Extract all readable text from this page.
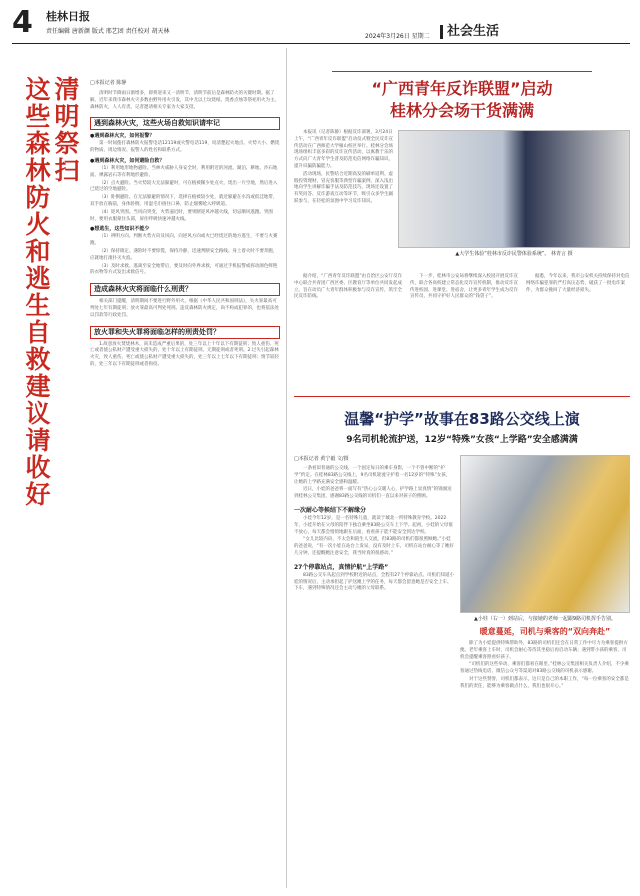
4 桂林日报
责任编辑 唐新颜 版式 邢艺团 责任校对 胡天林
2024年3月26日 星期二	社会生活
这些森林防火和逃生自救建议请收好 清明祭扫 □本报记者 陈静

清明时节降雨日渐增多，即将迎来又一清明节，清明节前后是森林防火的关键时期。据了解，近年来我市森林火灾多数由野外用火引发，其中尤以上坟烧纸、烧香点烛等祭祀用火为主。森林防火，人人有责。记者邀请相关专家为大家支招。

遇到森林火灾，这些火场自救知识请牢记
●遇到森林火灾，如何报警？

第一时间拨打森林防火报警电话12119或火警电话119，说清楚起火地点、火势大小、燃烧的物质、周边情况、报警人的姓名和联系方式。

●遇到森林火灾，如何避险自救？

（1）利用地形地物避险。当林火威胁人身安全时，利用附近的河流、湖泊、耕地、沙石地面、裸露岩石等有利地形避险。

（2）点火避险。当火势较大无法躲避时，可在植被稀少处点火，烧出一片空地，然后进入已烧过的空地避险。

（3）卧倒避险。在无法躲避的情况下，选择在植被较少处，就近躲避在水沟或低洼地带，双手放在胸前，身体卧倒，用湿毛巾捂住口鼻，防止烟雾呛入呼吸道。

（4）迎风突围。当风向突变，火势逼近时，要果断迎风冲越火线，切忌顺风逃跑。突围时，要用衣服蒙住头部，屏住呼吸快速冲越火线。

●想逃生，这些知识不能少

（1）辨明方向。判断火势方向及风向，向逆风方向或火已经烧过的地方逃生，不要与火赛跑。

（2）保持镇定。遇险时不要惊慌，保持冷静，迅速判断安全路线。身上着火时不要奔跑，应就地打滚扑灭火焰。

（3）及时求救。逃离至安全地带后，要及时向外界求救，可通过手机报警或挥动颜色鲜艳的衣物等方式发出求救信号。

造成森林火灾将面临什么刑责？

相关部门提醒，清明期间不要进行野外用火，根据《中华人民共和国刑法》，失火罪最高可判处七年有期徒刑；放火罪最高可判处死刑。违反森林防火规定，尚不构成犯罪的，也将依法处以罚款等行政处罚。

放火罪和失火罪将面临怎样的刑责处罚？

1.故意放火焚烧林木，尚未造成严重后果的，处三年以上十年以下有期徒刑；致人重伤、死亡或者使公私财产遭受重大损失的，处十年以上有期徒刑、无期徒刑或者死刑。2.过失引起森林火灾，致人重伤、死亡或使公私财产遭受重大损失的，处三年以上七年以下有期徒刑；情节较轻的，处三年以下有期徒刑或者拘役。

“广西青年反诈联盟”启动
桂林分会场干货满满

本报讯（记者陈静）根据反诈部署，3月24日上午，“广西青年反诈联盟”启动仪式暨全民反诈宣传活动在广西师范大学雁山校区举行。桂林分会场现场组织丰富多彩的反诈宣传活动，以寓教于乐的方式向广大青年学生普及防范电信网络诈骗知识，提升识骗防骗能力。

活动现场，民警结合近期高发的刷单返利、虚假投资理财、冒充客服等典型诈骗案例，深入浅出地向学生讲解诈骗手法及防范技巧。现场还设置了有奖问答、反诈游戏互动等环节，吸引众多学生踊跃参与，在轻松的氛围中学习反诈知识。

▲大学生体验“桂林市反诈民警体验系统”。 林青言 摄

据介绍，“广西青年反诈联盟”由自治区公安厅反诈中心联合共青团广西区委、区教育厅等单位共同发起成立，旨在动员广大青年群体积极参与反诈宣传，筑牢全民反诈防线。

下一步，桂林市公安局将继续深入校园开展反诈宣传，联合各高校建立常态化反诈宣传机制，推动反诈宣传进校园、进课堂、进宿舍，让更多青年学生成为反诈宣传员，共同守护好人民群众的“钱袋子”。

据悉，今年以来，我市公安机关持续保持对电信网络诈骗犯罪的严打高压态势，破获了一批电诈案件，为群众挽回了大量经济损失。

温馨“护学”故事在83路公交线上演
9名司机轮流护送，12岁“特殊”女孩“上学路”安全感满满
□本报记者 黄宁毅 文/摄

一条看似普通的公交线，一个固定每日的乘车身影，一个不曾中断的“护学”约定。在桂林83路公交线上，9名司机轮流守护着一名12岁的“特殊”女孩，让她的上学路充满安全感和温暖。

近日，小娃的爸爸将一面写有“热心公交暖人心，护学路上显真情”的锦旗送到桂林公交集团，感谢83路公交线的司机们一直以来对孩子的照顾。

一次耐心等候结下不解缘分

小娃今年12岁，是一名特殊儿童，就读于城北一所特殊教育学校。2022年，小娃开始在父母的陪伴下独自乘坐83路公交车上下学。起初，小娃的父母很不放心，每天都会悄悄地跟在后面，看看孩子能不能安全到达学校。

“女儿比较内向，不太会和陌生人交流，但83路的司机们都很照顾她。”小娃的爸爸说，“有一次小娃在站台上发呆，没有及时上车，司机在站台耐心等了她好几分钟，还提醒她注意安全，我当时真的很感动。”

27个停靠站点，真情护航“上学路”

83路公交车从起点到学校附近的站点，全程有27个停靠站点。司机们知道小娃的情况后，主动承担起了护送她上学的任务，每天都会留意她是否安全上车、下车，遇到特殊情况还会主动与她的父母联系。

▲小娃（右一）到站后，与接她的老师一起跟9路司机挥手告别。
暖意蔓延，司机与乘客的“双向奔赴”

除了为小娃提供特殊帮助外，83路的司机们还会在日常工作中尽力为乘客提供方便。老年乘客上车时，司机会耐心等待其坐稳后再启动车辆；遇到带小孩的乘客，司机会提醒乘客照看好孩子。

“司机们的这些举动，乘客们都看在眼里。”桂林公交集团相关负责人介绍，不少乘客通过热线电话、微信公众号等渠道对83路公交线的司机表示感谢。

对于这些赞誉，司机们都表示，这只是自己的本职工作，“每一位乘客的安全都是我们的责任，能够为乘客做点什么，我们也很开心。”
